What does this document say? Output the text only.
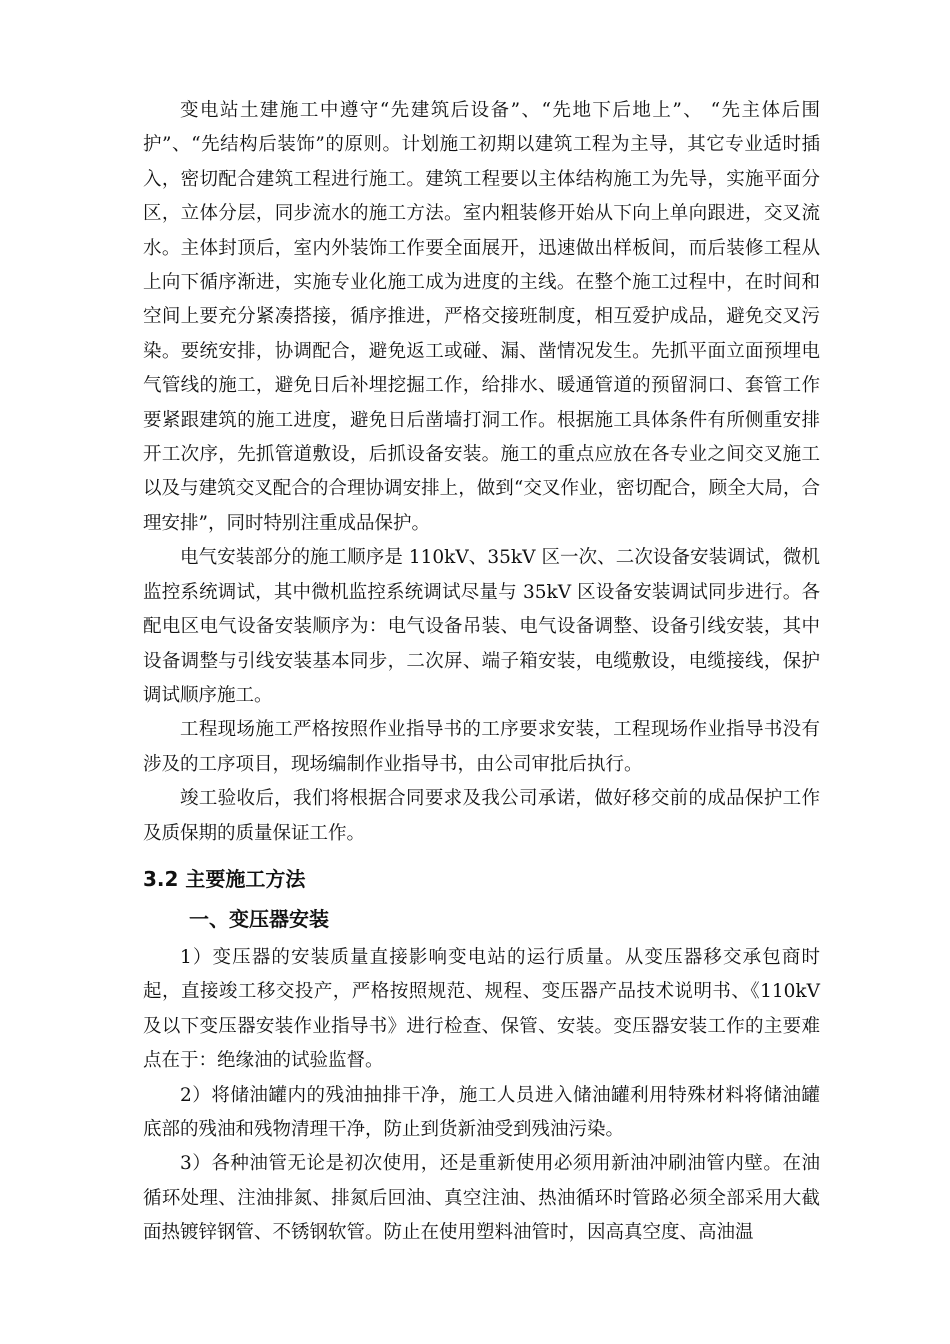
变电站土建施工中遵守“先建筑后设备”、“先地下后地上”、 “先主体后围护”、“先结构后装饰”的原则。计划施工初期以建筑工程为主导，其它专业适时插入，密切配合建筑工程进行施工。建筑工程要以主体结构施工为先导，实施平面分区，立体分层，同步流水的施工方法。室内粗装修开始从下向上单向跟进，交叉流水。主体封顶后，室内外装饰工作要全面展开，迅速做出样板间，而后装修工程从上向下循序渐进，实施专业化施工成为进度的主线。在整个施工过程中，在时间和空间上要充分紧凑搭接，循序推进，严格交接班制度，相互爱护成品，避免交叉污染。要统安排，协调配合，避免返工或碰、漏、凿情况发生。先抓平面立面预埋电气管线的施工，避免日后补埋挖掘工作，给排水、暖通管道的预留洞口、套管工作要紧跟建筑的施工进度，避免日后凿墙打洞工作。根据施工具体条件有所侧重安排开工次序，先抓管道敷设，后抓设备安装。施工的重点应放在各专业之间交叉施工以及与建筑交叉配合的合理协调安排上，做到“交叉作业，密切配合，顾全大局，合理安排”，同时特别注重成品保护。

电气安装部分的施工顺序是 110kV、35kV 区一次、二次设备安装调试，微机监控系统调试，其中微机监控系统调试尽量与 35kV 区设备安装调试同步进行。各配电区电气设备安装顺序为：电气设备吊装、电气设备调整、设备引线安装，其中设备调整与引线安装基本同步，二次屏、端子箱安装，电缆敷设，电缆接线，保护调试顺序施工。

工程现场施工严格按照作业指导书的工序要求安装，工程现场作业指导书没有涉及的工序项目，现场编制作业指导书，由公司审批后执行。

竣工验收后，我们将根据合同要求及我公司承诺，做好移交前的成品保护工作及质保期的质量保证工作。

3.2 主要施工方法
一、变压器安装

1）变压器的安装质量直接影响变电站的运行质量。从变压器移交承包商时起，直接竣工移交投产，严格按照规范、规程、变压器产品技术说明书、《110kV 及以下变压器安装作业指导书》进行检查、保管、安装。变压器安装工作的主要难点在于：绝缘油的试验监督。

2）将储油罐内的残油抽排干净，施工人员进入储油罐利用特殊材料将储油罐底部的残油和残物清理干净，防止到货新油受到残油污染。

3）各种油管无论是初次使用，还是重新使用必须用新油冲刷油管内壁。在油循环处理、注油排氮、排氮后回油、真空注油、热油循环时管路必须全部采用大截面热镀锌钢管、不锈钢软管。防止在使用塑料油管时，因高真空度、高油温
